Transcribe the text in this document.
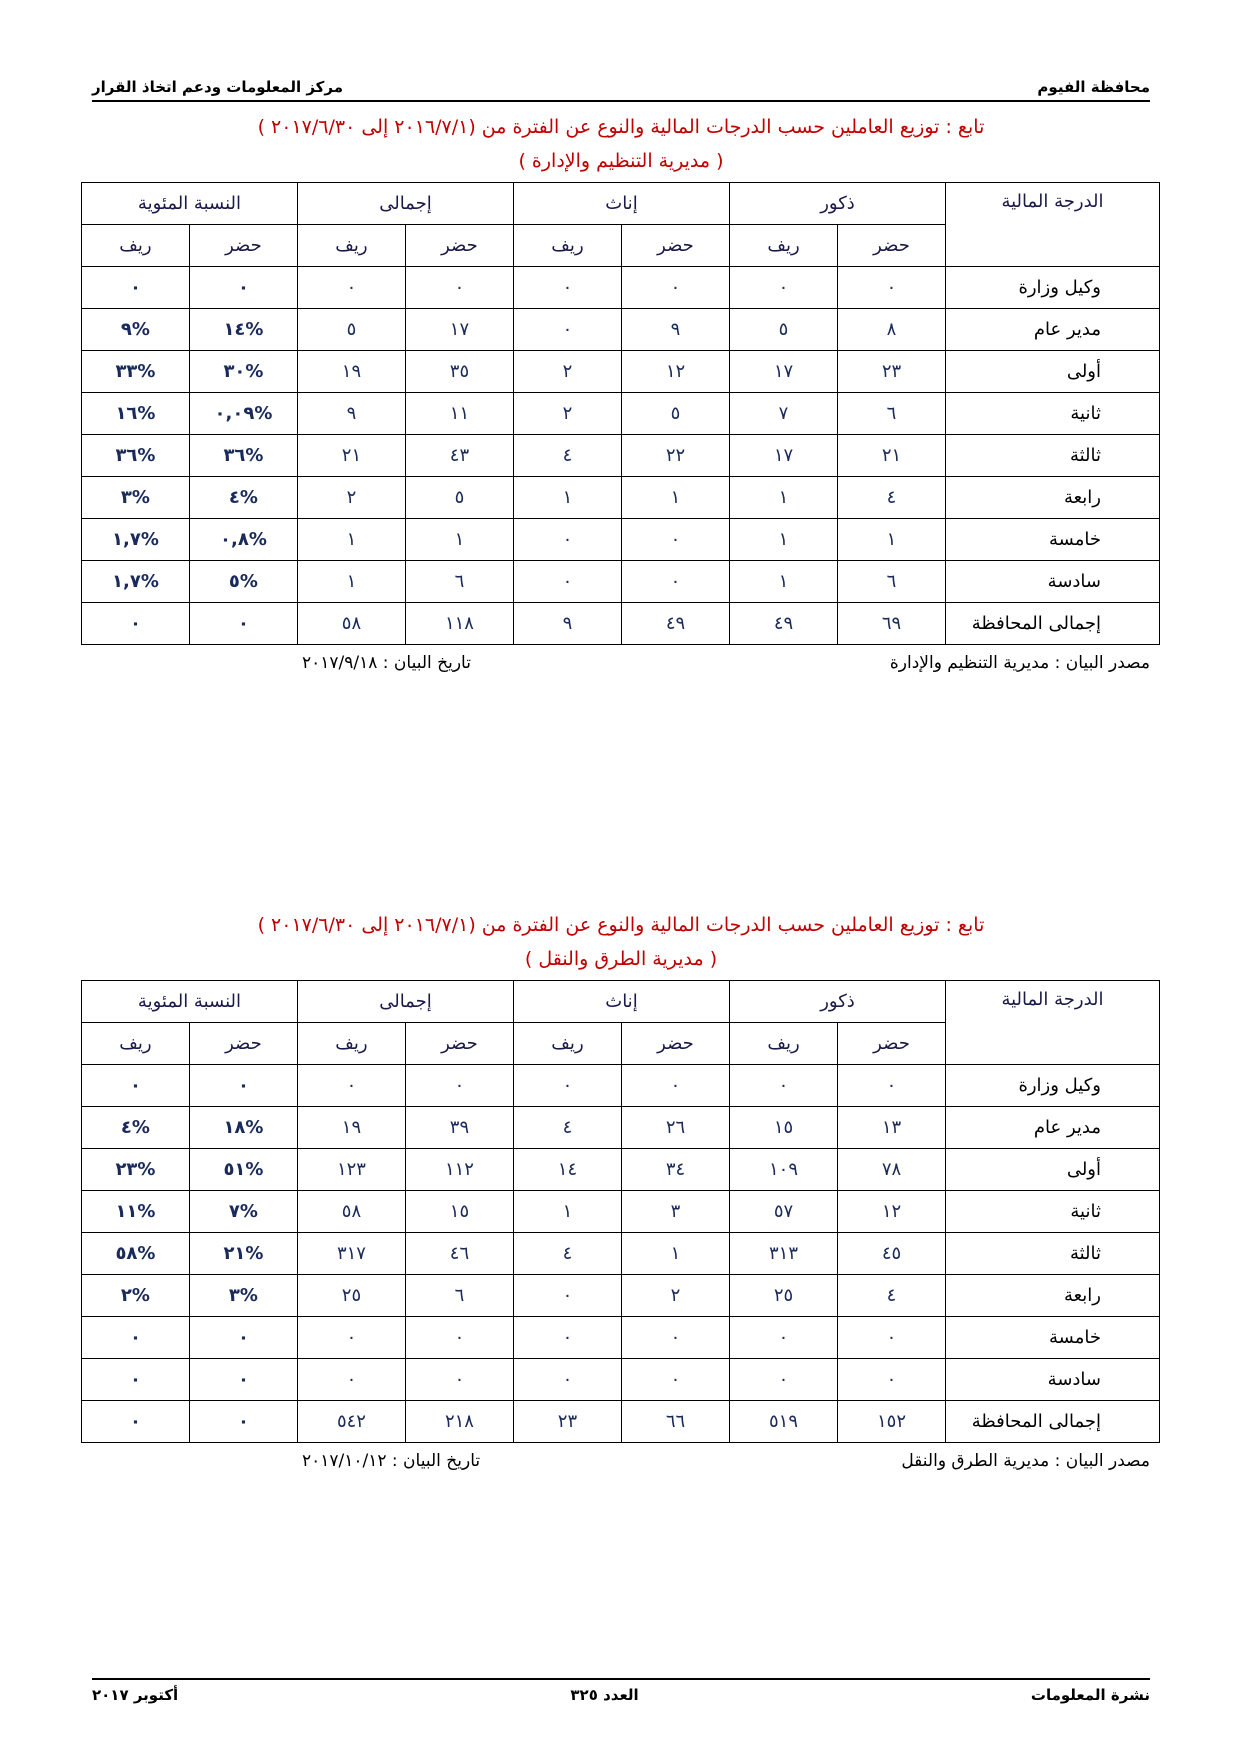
محافظة الفيوم
مركز المعلومات ودعم اتخاذ القرار

تابع : توزيع العاملين حسب الدرجات المالية والنوع عن الفترة من (٢٠١٦/٧/١ إلى ٢٠١٧/٦/٣٠ )

( مديرية التنظيم والإدارة )

الدرجة المالية	ذكور		إناث		إجمالى		النسبة المئوية	
	حضر	ريف	حضر	ريف	حضر	ريف	حضر	ريف
وكيل وزارة	٠	٠	٠	٠	٠	٠	٠	٠
مدير عام	٨	٥	٩	٠	١٧	٥	%١٤	%٩
أولى	٢٣	١٧	١٢	٢	٣٥	١٩	%٣٠	%٣٣
ثانية	٦	٧	٥	٢	١١	٩	%٠,٠٩	%١٦
ثالثة	٢١	١٧	٢٢	٤	٤٣	٢١	%٣٦	%٣٦
رابعة	٤	١	١	١	٥	٢	%٤	%٣
خامسة	١	١	٠	٠	١	١	%٠,٨	%١,٧
سادسة	٦	١	٠	٠	٦	١	%٥	%١,٧
إجمالى المحافظة	٦٩	٤٩	٤٩	٩	١١٨	٥٨	٠	٠
مصدر البيان : مديرية التنظيم والإدارة
تاريخ البيان : ٢٠١٧/٩/١٨

تابع : توزيع العاملين حسب الدرجات المالية والنوع عن الفترة من (٢٠١٦/٧/١ إلى ٢٠١٧/٦/٣٠ )

( مديرية الطرق والنقل )

الدرجة المالية	ذكور		إناث		إجمالى		النسبة المئوية	
	حضر	ريف	حضر	ريف	حضر	ريف	حضر	ريف
وكيل وزارة	٠	٠	٠	٠	٠	٠	٠	٠
مدير عام	١٣	١٥	٢٦	٤	٣٩	١٩	%١٨	%٤
أولى	٧٨	١٠٩	٣٤	١٤	١١٢	١٢٣	%٥١	%٢٣
ثانية	١٢	٥٧	٣	١	١٥	٥٨	%٧	%١١
ثالثة	٤٥	٣١٣	١	٤	٤٦	٣١٧	%٢١	%٥٨
رابعة	٤	٢٥	٢	٠	٦	٢٥	%٣	%٢
خامسة	٠	٠	٠	٠	٠	٠	٠	٠
سادسة	٠	٠	٠	٠	٠	٠	٠	٠
إجمالى المحافظة	١٥٢	٥١٩	٦٦	٢٣	٢١٨	٥٤٢	٠	٠
مصدر البيان : مديرية الطرق والنقل
تاريخ البيان : ٢٠١٧/١٠/١٢
نشرة المعلومات
العدد ٣٢٥
أكتوبر ٢٠١٧
